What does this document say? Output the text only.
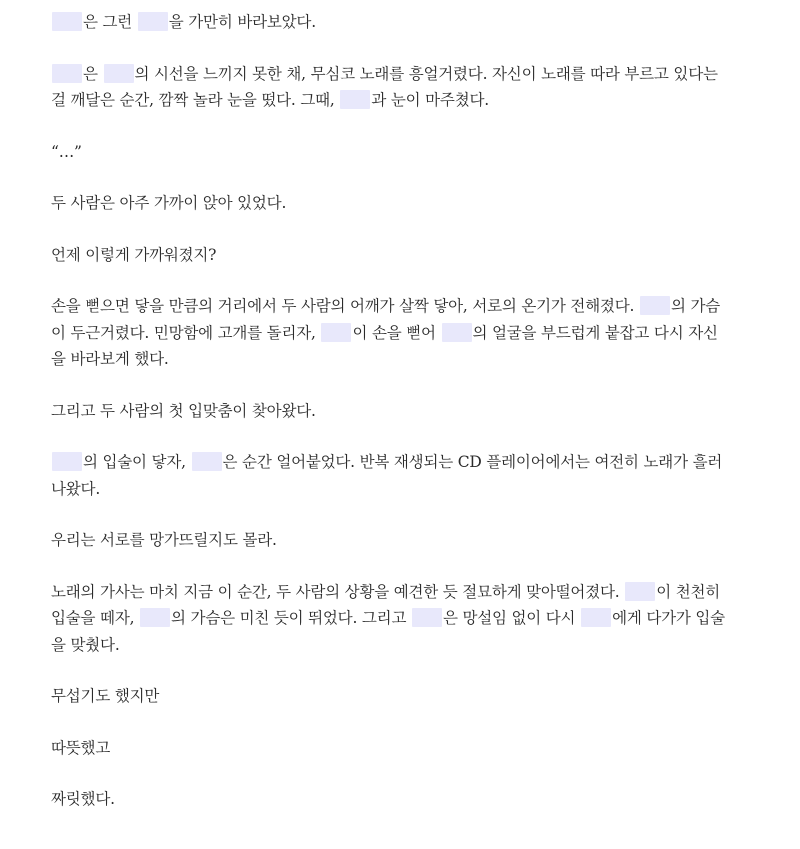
은 그런 을 가만히 바라보았다.

은 의 시선을 느끼지 못한 채, 무심코 노래를 흥얼거렸다. 자신이 노래를 따라 부르고 있다는 걸 깨달은 순간, 깜짝 놀라 눈을 떴다. 그때, 과 눈이 마주쳤다.

“…”

두 사람은 아주 가까이 앉아 있었다.

언제 이렇게 가까워졌지?

손을 뻗으면 닿을 만큼의 거리에서 두 사람의 어깨가 살짝 닿아, 서로의 온기가 전해졌다. 의 가슴이 두근거렸다. 민망함에 고개를 돌리자, 이 손을 뻗어 의 얼굴을 부드럽게 붙잡고 다시 자신을 바라보게 했다.

그리고 두 사람의 첫 입맞춤이 찾아왔다.

의 입술이 닿자, 은 순간 얼어붙었다. 반복 재생되는 CD 플레이어에서는 여전히 노래가 흘러나왔다.

우리는 서로를 망가뜨릴지도 몰라.

노래의 가사는 마치 지금 이 순간, 두 사람의 상황을 예견한 듯 절묘하게 맞아떨어졌다. 이 천천히 입술을 떼자, 의 가슴은 미친 듯이 뛰었다. 그리고 은 망설임 없이 다시 에게 다가가 입술을 맞췄다.

무섭기도 했지만

따뜻했고

짜릿했다.
